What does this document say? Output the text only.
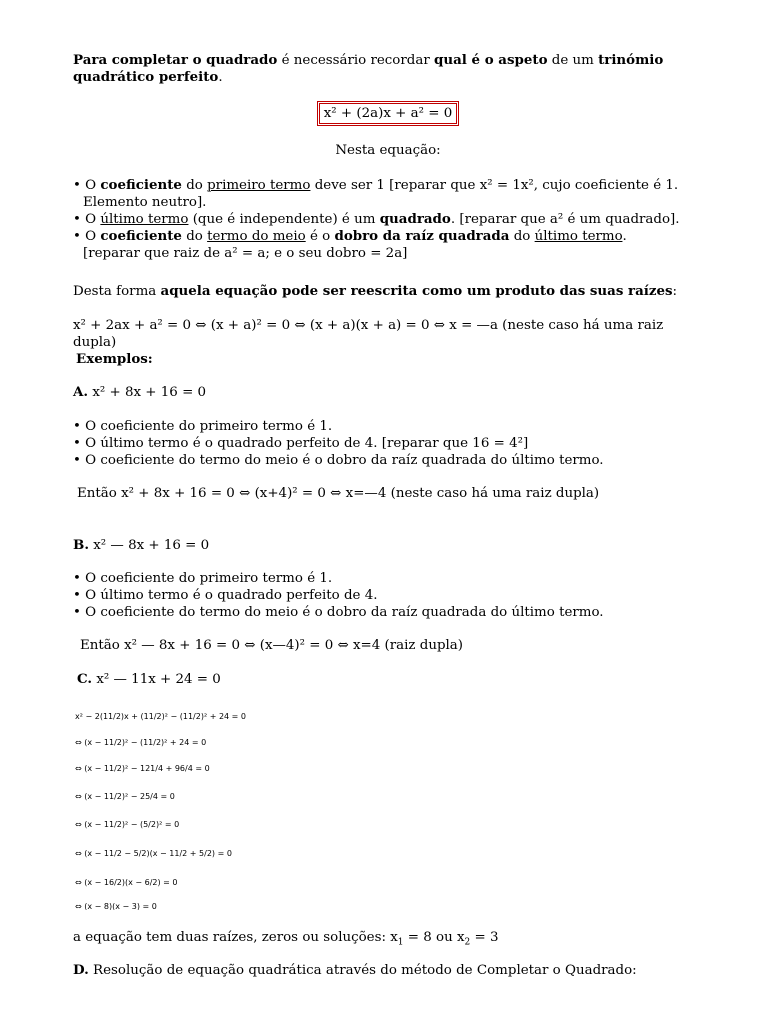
Para completar o quadrado é necessário recordar qual é o aspeto de um trinómio quadrático perfeito.

x² + (2a)x + a² = 0

Nesta equação:

• O coeficiente do primeiro termo deve ser 1 [reparar que x² = 1x², cujo coeficiente é 1.

Elemento neutro].

• O último termo (que é independente) é um quadrado. [reparar que a² é um quadrado].

• O coeficiente do termo do meio é o dobro da raíz quadrada do último termo.

[reparar que raiz de a² = a; e o seu dobro = 2a]

Desta forma aquela equação pode ser reescrita como um produto das suas raízes:

x² + 2ax + a² = 0 ⇔ (x + a)² = 0 ⇔ (x + a)(x + a) = 0 ⇔ x = —a (neste caso há uma raiz dupla)

Exemplos:

A. x² + 8x + 16 = 0

• O coeficiente do primeiro termo é 1.

• O último termo é o quadrado perfeito de 4. [reparar que 16 = 4²]

• O coeficiente do termo do meio é o dobro da raíz quadrada do último termo.

Então x² + 8x + 16 = 0 ⇔ (x+4)² = 0 ⇔ x=—4 (neste caso há uma raiz dupla)

B. x² — 8x + 16 = 0

• O coeficiente do primeiro termo é 1.

• O último termo é o quadrado perfeito de 4.

• O coeficiente do termo do meio é o dobro da raíz quadrada do último termo.

Então x² — 8x + 16 = 0 ⇔ (x—4)² = 0 ⇔ x=4 (raiz dupla)

C. x² — 11x + 24 = 0

x² − 2(11/2)x + (11/2)² − (11/2)² + 24 = 0
⇔ (x − 11/2)² − (11/2)² + 24 = 0
⇔ (x − 11/2)² − 121/4 + 96/4 = 0
⇔ (x − 11/2)² − 25/4 = 0
⇔ (x − 11/2)² − (5/2)² = 0
⇔ (x − 11/2 − 5/2)(x − 11/2 + 5/2) = 0
⇔ (x − 16/2)(x − 6/2) = 0
⇔ (x − 8)(x − 3) = 0

a equação tem duas raízes, zeros ou soluções: $x_1 = 8$ ou $x_2 = 3$

D. Resolução de equação quadrática através do método de Completar o Quadrado:
